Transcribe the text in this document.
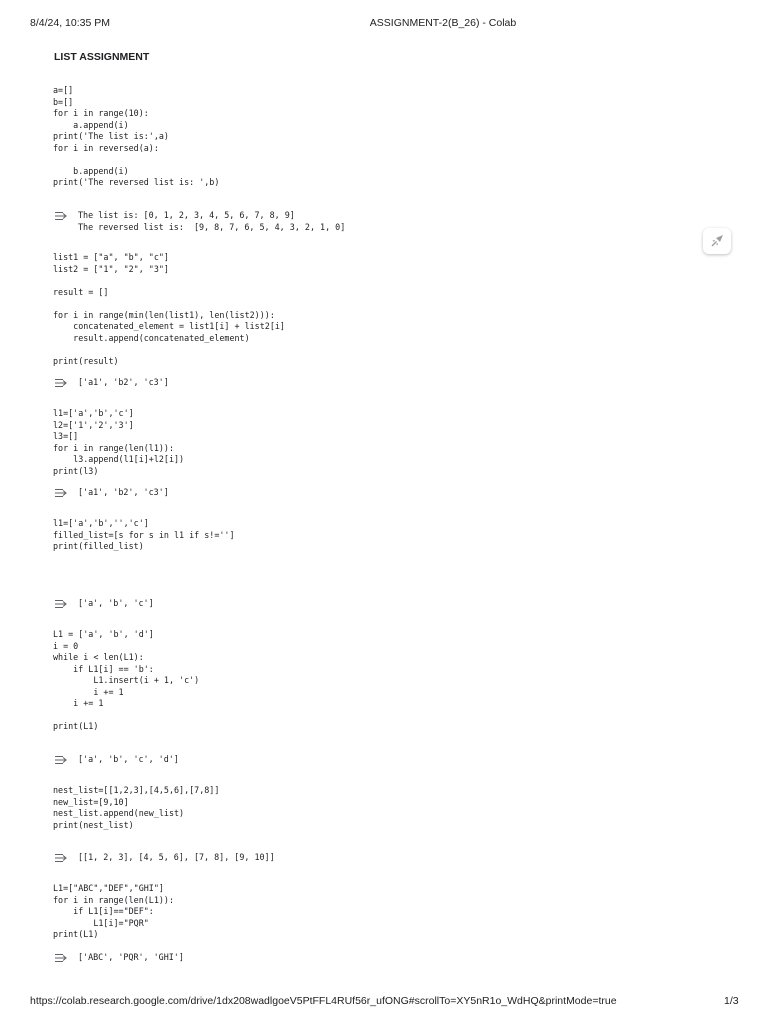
8/4/24, 10:35 PM	ASSIGNMENT-2(B_26) - Colab
LIST ASSIGNMENT
a=[]
b=[]
for i in range(10):
a.append(i)
print('The list is:',a)
for i in reversed(a):

b.append(i)
print('The reversed list is: ',b)
The list is: [0, 1, 2, 3, 4, 5, 6, 7, 8, 9]
The reversed list is:  [9, 8, 7, 6, 5, 4, 3, 2, 1, 0]
list1 = ["a", "b", "c"]
list2 = ["1", "2", "3"]

result = []

for i in range(min(len(list1), len(list2))):
concatenated_element = list1[i] + list2[i]
result.append(concatenated_element)

print(result)
['a1', 'b2', 'c3']
l1=['a','b','c']
l2=['1','2','3']
l3=[]
for i in range(len(l1)):
l3.append(l1[i]+l2[i])
print(l3)
['a1', 'b2', 'c3']
l1=['a','b','','c']
filled_list=[s for s in l1 if s!='']
print(filled_list)
['a', 'b', 'c']
L1 = ['a', 'b', 'd']
i = 0
while i < len(L1):
if L1[i] == 'b':
L1.insert(i + 1, 'c')
i += 1
i += 1

print(L1)
['a', 'b', 'c', 'd']
nest_list=[[1,2,3],[4,5,6],[7,8]]
new_list=[9,10]
nest_list.append(new_list)
print(nest_list)
[[1, 2, 3], [4, 5, 6], [7, 8], [9, 10]]
L1=["ABC","DEF","GHI"]
for i in range(len(L1)):
if L1[i]=="DEF":
L1[i]="PQR"
print(L1)
['ABC', 'PQR', 'GHI']
https://colab.research.google.com/drive/1dx208wadlgoeV5PtFFL4RUf56r_ufONG#scrollTo=XY5nR1o_WdHQ&printMode=true	1/3
